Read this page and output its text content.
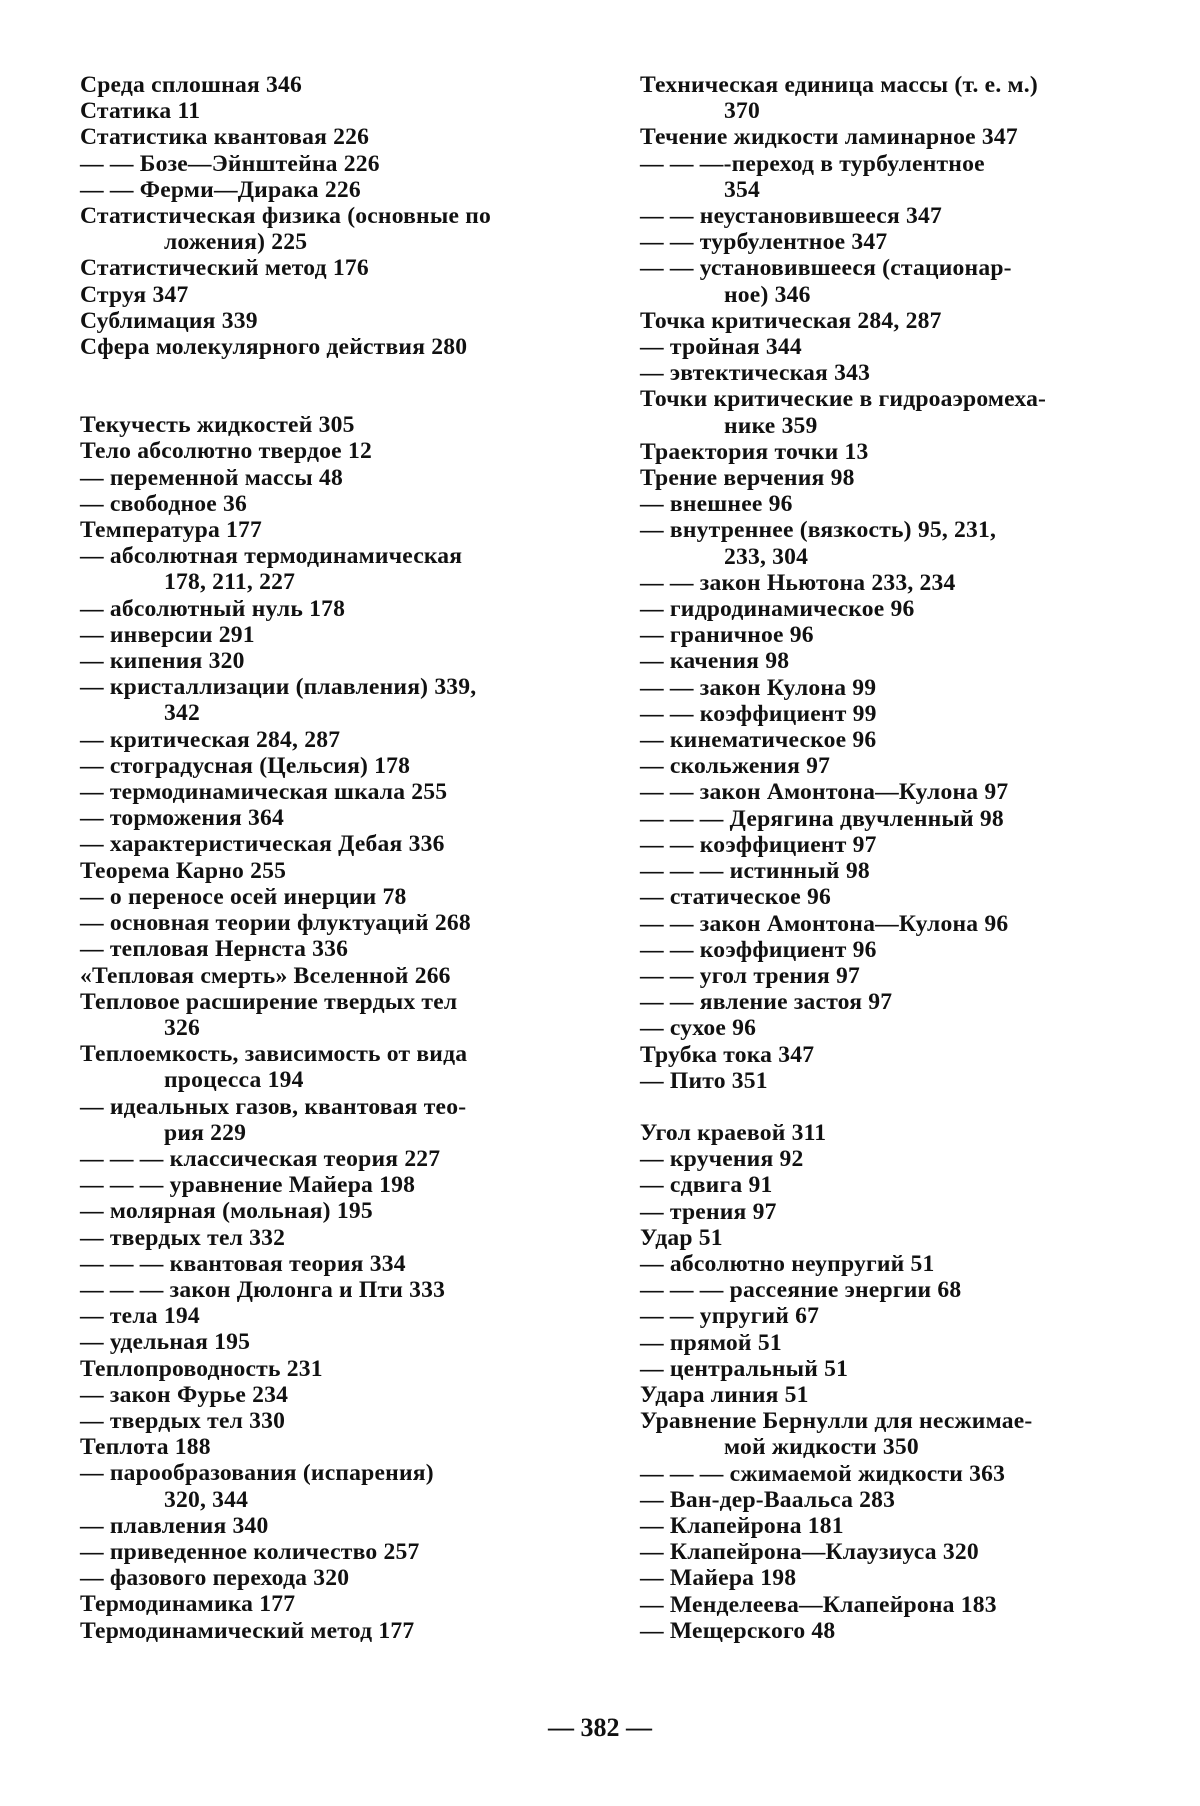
Среда сплошная 346
Статика 11
Статистика квантовая 226
— — Бозе—Эйнштейна 226
— — Ферми—Дирака 226
Статистическая физика (основные по
ложения) 225
Статистический метод 176
Струя 347
Сублимация 339
Сфера молекулярного действия 280
Текучесть жидкостей 305
Тело абсолютно твердое 12
— переменной массы 48
— свободное 36
Температура 177
— абсолютная термодинамическая
178, 211, 227
— абсолютный нуль 178
— инверсии 291
— кипения 320
— кристаллизации (плавления) 339,
342
— критическая 284, 287
— стоградусная (Цельсия) 178
— термодинамическая шкала 255
— торможения 364
— характеристическая Дебая 336
Теорема Карно 255
— о переносе осей инерции 78
— основная теории флуктуаций 268
— тепловая Нернста 336
«Тепловая смерть» Вселенной 266
Тепловое расширение твердых тел
326
Теплоемкость, зависимость от вида
процесса 194
— идеальных газов, квантовая тео-
рия 229
— — — классическая теория 227
— — — уравнение Майера 198
— молярная (мольная) 195
— твердых тел 332
— — — квантовая теория 334
— — — закон Дюлонга и Пти 333
— тела 194
— удельная 195
Теплопроводность 231
— закон Фурье 234
— твердых тел 330
Теплота 188
— парообразования (испарения)
320, 344
— плавления 340
— приведенное количество 257
— фазового перехода 320
Термодинамика 177
Термодинамический метод 177
Техническая единица массы (т. е. м.)
370
Течение жидкости ламинарное 347
— — —-переход в турбулентное
354
— — неустановившееся 347
— — турбулентное 347
— — установившееся (стационар-
ное) 346
Точка критическая 284, 287
— тройная 344
— эвтектическая 343
Точки критические в гидроаэромеха-
нике 359
Траектория точки 13
Трение верчения 98
— внешнее 96
— внутреннее (вязкость) 95, 231,
233, 304
— — закон Ньютона 233, 234
— гидродинамическое 96
— граничное 96
— качения 98
— — закон Кулона 99
— — коэффициент 99
— кинематическое 96
— скольжения 97
— — закон Амонтона—Кулона 97
— — — Дерягина двучленный 98
— — коэффициент 97
— — — истинный 98
— статическое 96
— — закон Амонтона—Кулона 96
— — коэффициент 96
— — угол трения 97
— — явление застоя 97
— сухое 96
Трубка тока 347
— Пито 351
Угол краевой 311
— кручения 92
— сдвига 91
— трения 97
Удар 51
— абсолютно неупругий 51
— — — рассеяние энергии 68
— — упругий 67
— прямой 51
— центральный 51
Удара линия 51
Уравнение Бернулли для несжимае-
мой жидкости 350
— — — сжимаемой жидкости 363
— Ван-дер-Ваальса 283
— Клапейрона 181
— Клапейрона—Клаузиуса 320
— Майера 198
— Менделеева—Клапейрона 183
— Мещерского 48
— 382 —
